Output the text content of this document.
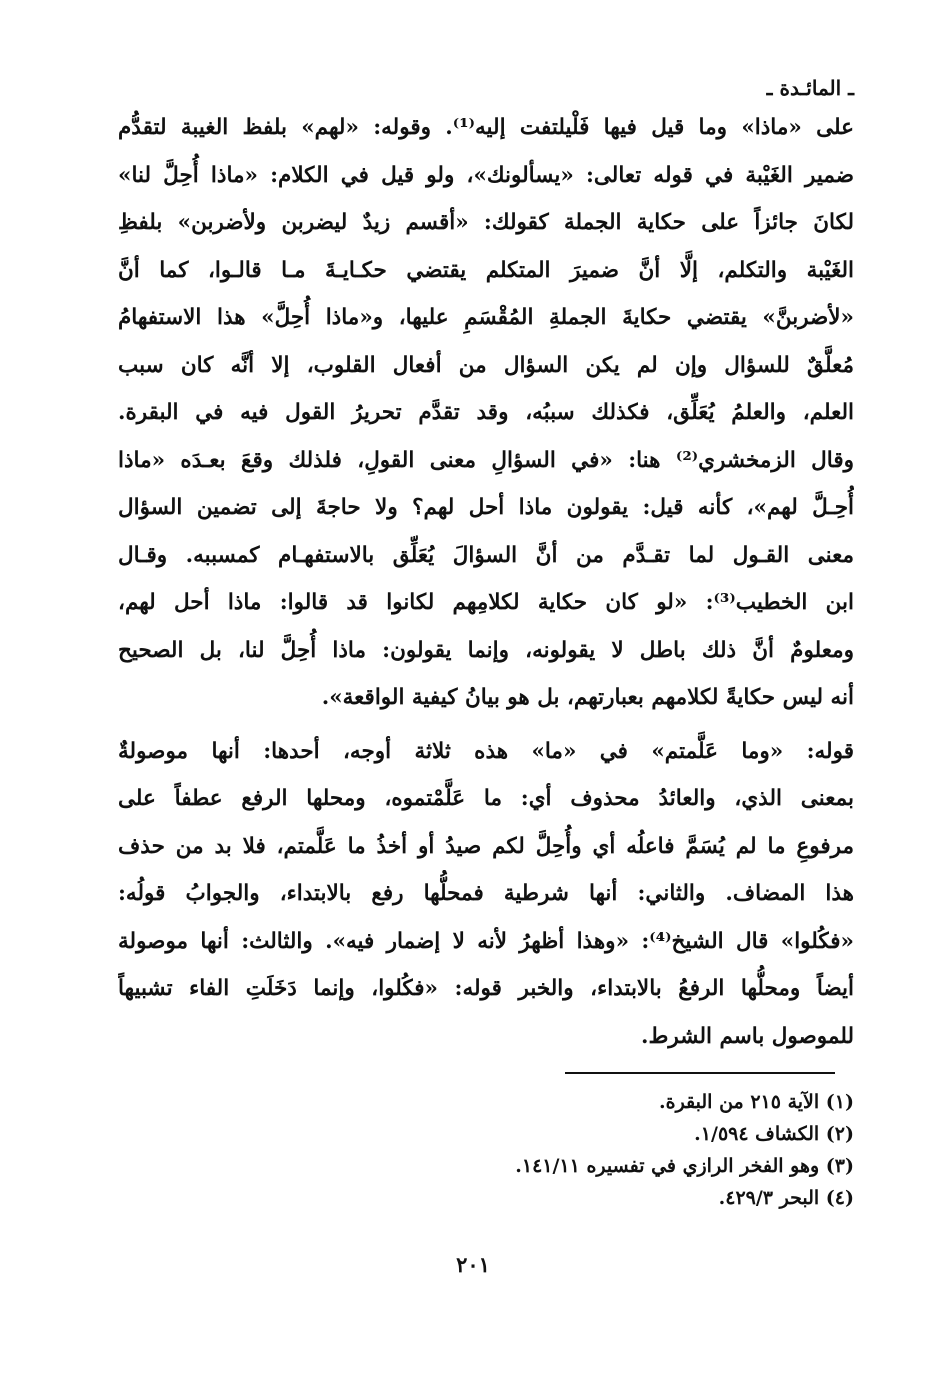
ـ المائـدة ـ
على «ماذا» وما قيل فيها فَلْيلتفت إليه⁽¹⁾. وقوله: «لهم» بلفظ الغيبة لتقدُّم
ضمير الغَيْبة في قوله تعالى: «يسألونك»، ولو قيل في الكلام: «ماذا أُحِلَّ لنا»
لكانَ جائزاً على حكاية الجملة كقولك: «أقسم زيدٌ ليضربن ولأضربن» بلفظِ
الغَيْبة والتكلم، إلَّا أنَّ ضميرَ المتكلم يقتضي حكـايـةَ مـا قالـوا، كما أنَّ
«لأضربنَّ» يقتضي حكايةَ الجملةِ المُقْسَمِ عليها، و«ماذا أُحِلَّ» هذا الاستفهامُ
مُعلَّقٌ للسؤال وإن لم يكن السؤال من أفعال القلوب، إلا أنَّه كان سبب
العلم، والعلمُ يُعَلِّق، فكذلك سببُه، وقد تقدَّم تحريرُ القول فيه في البقرة.
وقال الزمخشري⁽²⁾ هنا: «في السؤالِ معنى القولِ، فلذلك وقعَ بعـدَه «ماذا
أُحِـلَّ لهم»، كأنه قيل: يقولون ماذا أحل لهم؟ ولا حاجةَ إلى تضمين السؤال
معنى القـول لما تقـدَّم من أنَّ السؤالَ يُعَلِّق بالاستفهـام كمسببه. وقـال
ابن الخطيب⁽³⁾: «لو كان حكاية لكلامِهم لكانوا قد قالوا: ماذا أحل لهم،
ومعلومٌ أنَّ ذلك باطل لا يقولونه، وإنما يقولون: ماذا أُحِلَّ لنا، بل الصحيح
أنه ليس حكايةً لكلامهم بعبارتهم، بل هو بيانُ كيفية الواقعة».
قوله: «وما عَلَّمتم» في «ما» هذه ثلاثة أوجه، أحدها: أنها موصولةٌ
بمعنى الذي، والعائدُ محذوف أي: ما عَلَّمْتموه، ومحلها الرفع عطفاً على
مرفوعِ ما لم يُسَمَّ فاعلُه أي وأُحِلَّ لكم صيدُ أو أخذُ ما عَلَّمتم، فلا بد من حذف
هذا المضاف. والثاني: أنها شرطية فمحلُّها رفع بالابتداء، والجوابُ قولُه:
«فكُلوا» قال الشيخ⁽⁴⁾: «وهذا أظهرُ لأنه لا إضمار فيه». والثالث: أنها موصولة
أيضاً ومحلُّها الرفعُ بالابتداء، والخبر قوله: «فكُلوا، وإنما دَخَلَتِ الفاء تشبيهاً
للموصول باسم الشرط.
(١) الآية ٢١٥ من البقرة.
(٢) الكشاف ١/٥٩٤.
(٣) وهو الفخر الرازي في تفسيره ١٤١/١١.
(٤) البحر ٤٢٩/٣.
٢٠١
